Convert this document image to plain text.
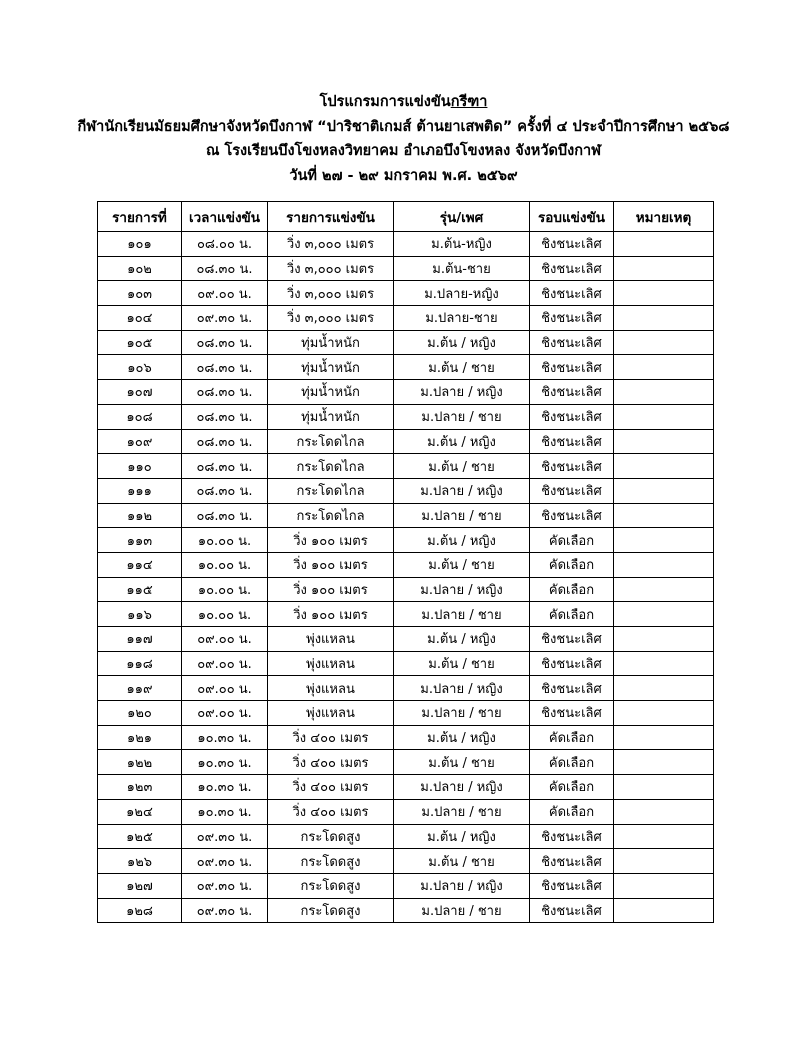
โปรแกรมการแข่งขันกรีฑา
กีฬานักเรียนมัธยมศึกษาจังหวัดบึงกาฬ “ปาริชาติเกมส์ ต้านยาเสพติด” ครั้งที่ ๔ ประจำปีการศึกษา ๒๕๖๘
ณ โรงเรียนบึงโขงหลงวิทยาคม อำเภอบึงโขงหลง จังหวัดบึงกาฬ
วันที่ ๒๗ - ๒๙ มกราคม พ.ศ. ๒๕๖๙
รายการที่	เวลาแข่งขัน	รายการแข่งขัน	รุ่น/เพศ	รอบแข่งขัน	หมายเหตุ
๑๐๑	๐๘.๐๐ น.	วิ่ง ๓,๐๐๐ เมตร	ม.ต้น-หญิง	ชิงชนะเลิศ	
๑๐๒	๐๘.๓๐ น.	วิ่ง ๓,๐๐๐ เมตร	ม.ต้น-ชาย	ชิงชนะเลิศ	
๑๐๓	๐๙.๐๐ น.	วิ่ง ๓,๐๐๐ เมตร	ม.ปลาย-หญิง	ชิงชนะเลิศ	
๑๐๔	๐๙.๓๐ น.	วิ่ง ๓,๐๐๐ เมตร	ม.ปลาย-ชาย	ชิงชนะเลิศ	
๑๐๕	๐๘.๓๐ น.	ทุ่มน้ำหนัก	ม.ต้น / หญิง	ชิงชนะเลิศ	
๑๐๖	๐๘.๓๐ น.	ทุ่มน้ำหนัก	ม.ต้น / ชาย	ชิงชนะเลิศ	
๑๐๗	๐๘.๓๐ น.	ทุ่มน้ำหนัก	ม.ปลาย / หญิง	ชิงชนะเลิศ	
๑๐๘	๐๘.๓๐ น.	ทุ่มน้ำหนัก	ม.ปลาย / ชาย	ชิงชนะเลิศ	
๑๐๙	๐๘.๓๐ น.	กระโดดไกล	ม.ต้น / หญิง	ชิงชนะเลิศ	
๑๑๐	๐๘.๓๐ น.	กระโดดไกล	ม.ต้น / ชาย	ชิงชนะเลิศ	
๑๑๑	๐๘.๓๐ น.	กระโดดไกล	ม.ปลาย / หญิง	ชิงชนะเลิศ	
๑๑๒	๐๘.๓๐ น.	กระโดดไกล	ม.ปลาย / ชาย	ชิงชนะเลิศ	
๑๑๓	๑๐.๐๐ น.	วิ่ง ๑๐๐ เมตร	ม.ต้น / หญิง	คัดเลือก	
๑๑๔	๑๐.๐๐ น.	วิ่ง ๑๐๐ เมตร	ม.ต้น / ชาย	คัดเลือก	
๑๑๕	๑๐.๐๐ น.	วิ่ง ๑๐๐ เมตร	ม.ปลาย / หญิง	คัดเลือก	
๑๑๖	๑๐.๐๐ น.	วิ่ง ๑๐๐ เมตร	ม.ปลาย / ชาย	คัดเลือก	
๑๑๗	๐๙.๐๐ น.	พุ่งแหลน	ม.ต้น / หญิง	ชิงชนะเลิศ	
๑๑๘	๐๙.๐๐ น.	พุ่งแหลน	ม.ต้น / ชาย	ชิงชนะเลิศ	
๑๑๙	๐๙.๐๐ น.	พุ่งแหลน	ม.ปลาย / หญิง	ชิงชนะเลิศ	
๑๒๐	๐๙.๐๐ น.	พุ่งแหลน	ม.ปลาย / ชาย	ชิงชนะเลิศ	
๑๒๑	๑๐.๓๐ น.	วิ่ง ๔๐๐ เมตร	ม.ต้น / หญิง	คัดเลือก	
๑๒๒	๑๐.๓๐ น.	วิ่ง ๔๐๐ เมตร	ม.ต้น / ชาย	คัดเลือก	
๑๒๓	๑๐.๓๐ น.	วิ่ง ๔๐๐ เมตร	ม.ปลาย / หญิง	คัดเลือก	
๑๒๔	๑๐.๓๐ น.	วิ่ง ๔๐๐ เมตร	ม.ปลาย / ชาย	คัดเลือก	
๑๒๕	๐๙.๓๐ น.	กระโดดสูง	ม.ต้น / หญิง	ชิงชนะเลิศ	
๑๒๖	๐๙.๓๐ น.	กระโดดสูง	ม.ต้น / ชาย	ชิงชนะเลิศ	
๑๒๗	๐๙.๓๐ น.	กระโดดสูง	ม.ปลาย / หญิง	ชิงชนะเลิศ	
๑๒๘	๐๙.๓๐ น.	กระโดดสูง	ม.ปลาย / ชาย	ชิงชนะเลิศ	
